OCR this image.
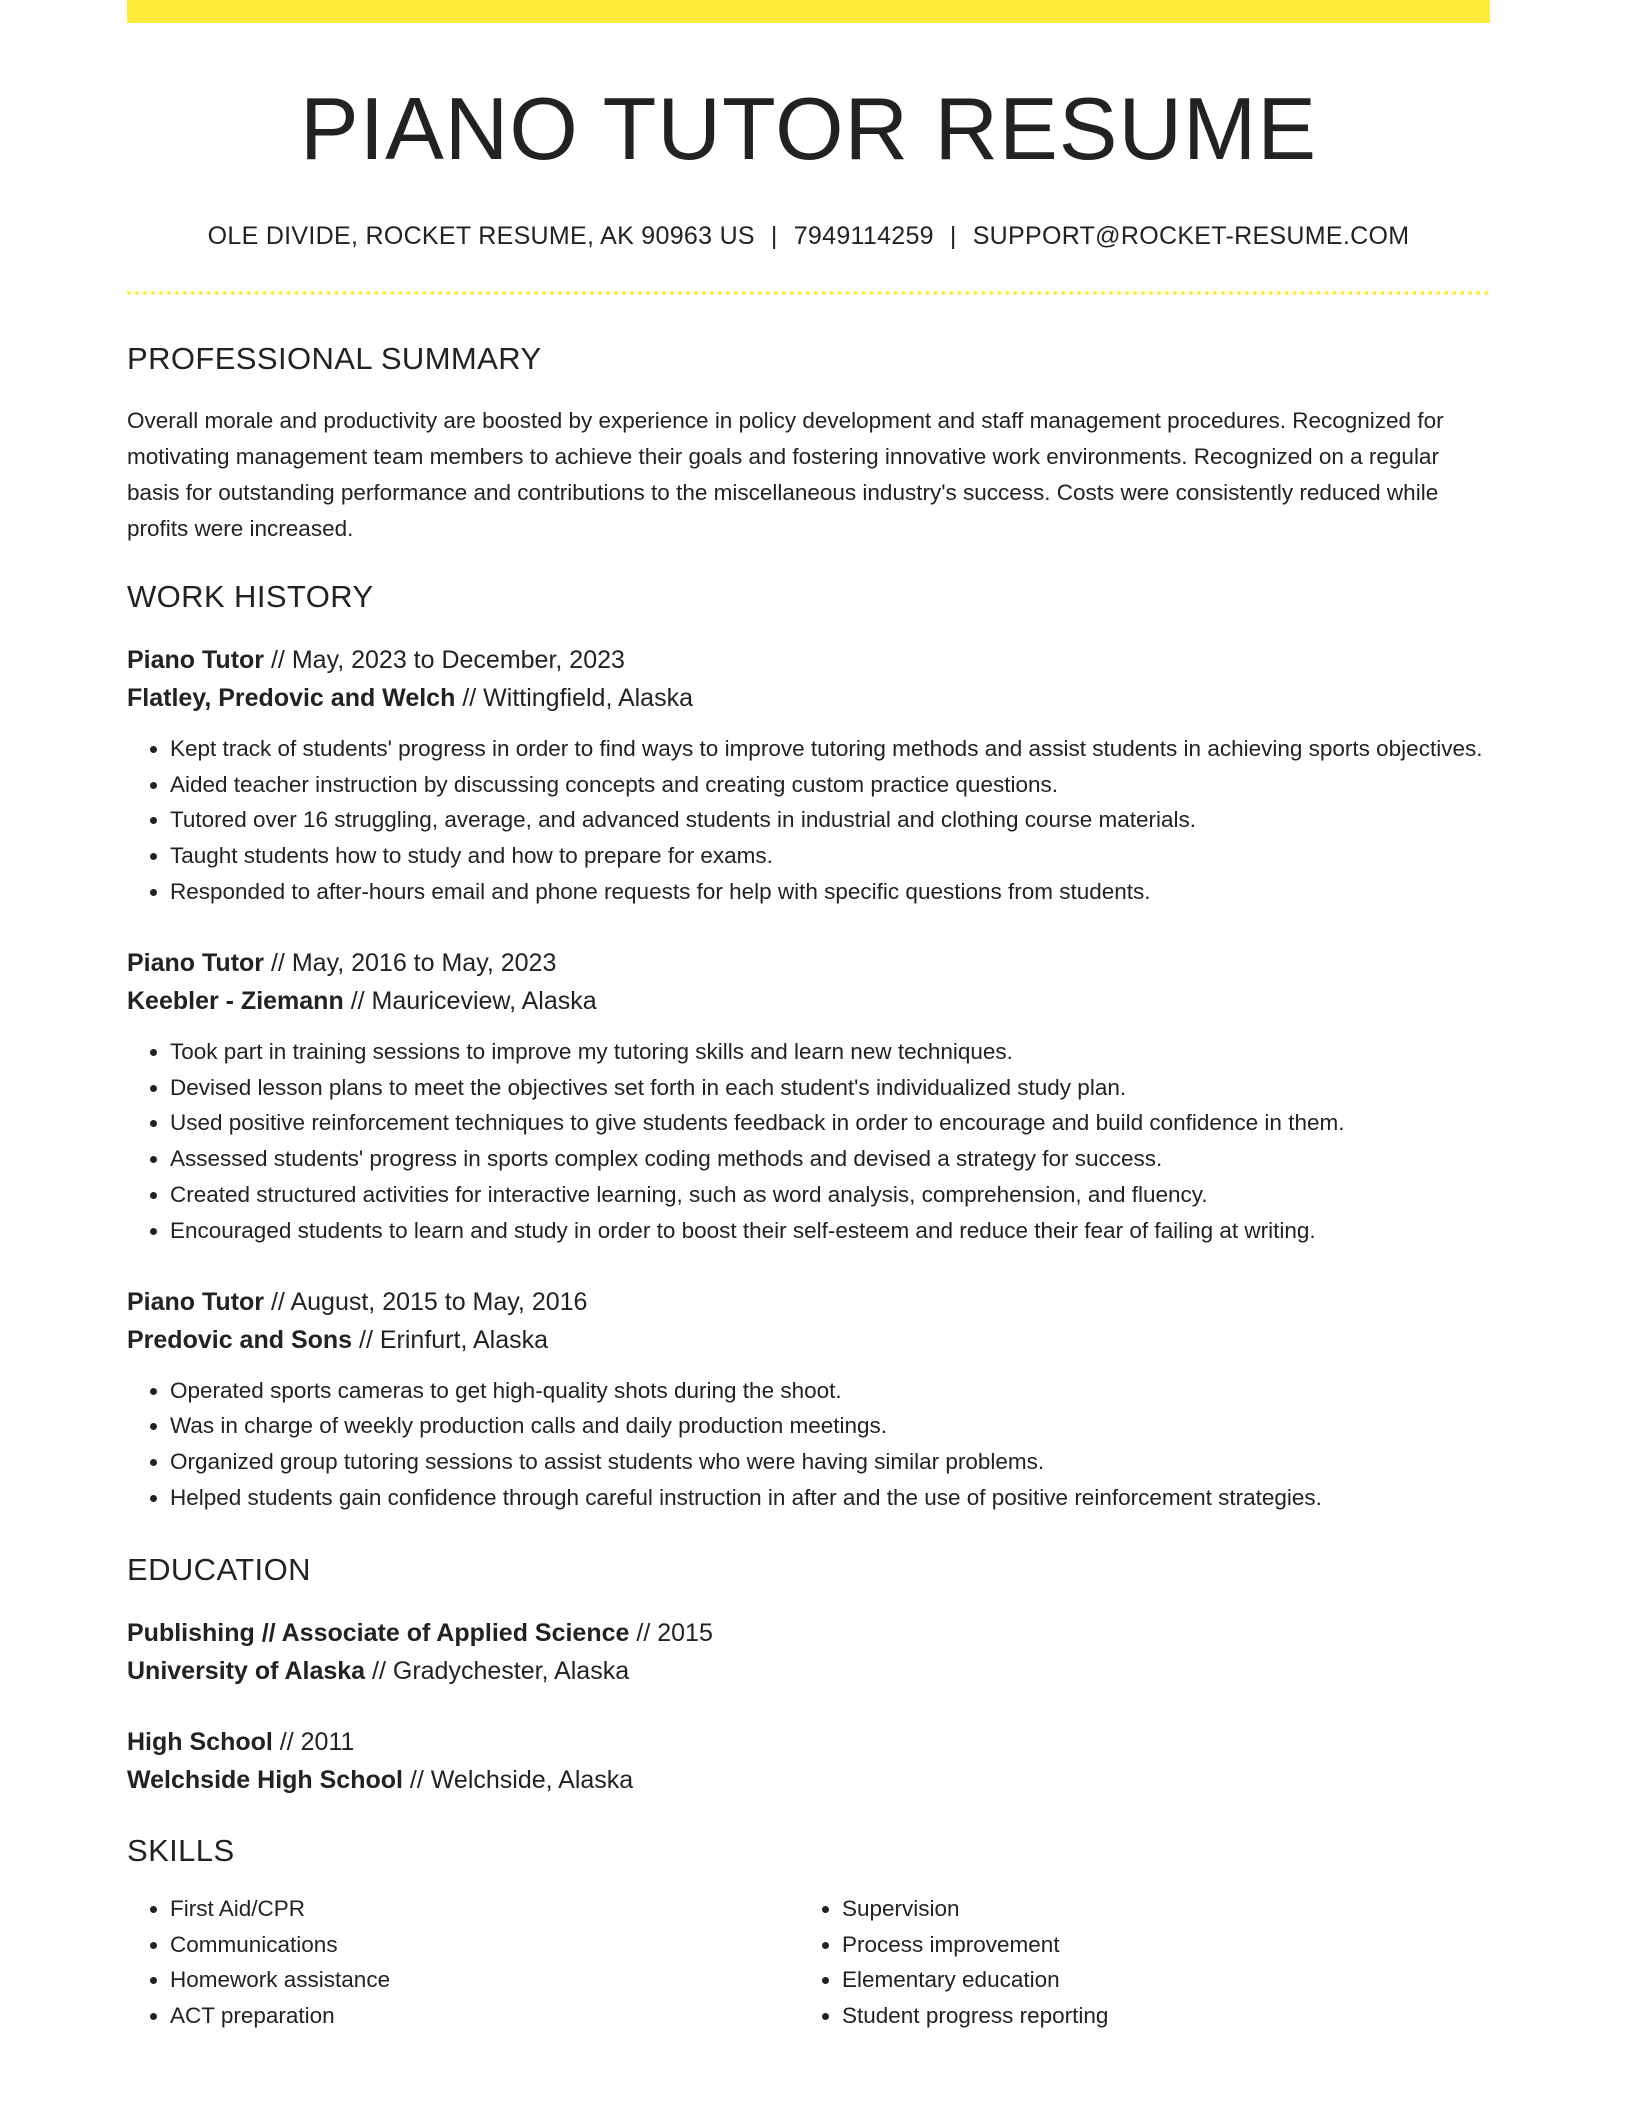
PIANO TUTOR RESUME
OLE DIVIDE, ROCKET RESUME, AK 90963 US | 7949114259 | SUPPORT@ROCKET-RESUME.COM
PROFESSIONAL SUMMARY

Overall morale and productivity are boosted by experience in policy development and staff management procedures. Recognized for motivating management team members to achieve their goals and fostering innovative work environments. Recognized on a regular basis for outstanding performance and contributions to the miscellaneous industry's success. Costs were consistently reduced while profits were increased.

WORK HISTORY
Piano Tutor // May, 2023 to December, 2023
Flatley, Predovic and Welch // Wittingfield, Alaska
• Kept track of students' progress in order to find ways to improve tutoring methods and assist students in achieving sports objectives.
• Aided teacher instruction by discussing concepts and creating custom practice questions.
• Tutored over 16 struggling, average, and advanced students in industrial and clothing course materials.
• Taught students how to study and how to prepare for exams.
• Responded to after-hours email and phone requests for help with specific questions from students.
Piano Tutor // May, 2016 to May, 2023
Keebler - Ziemann // Mauriceview, Alaska
• Took part in training sessions to improve my tutoring skills and learn new techniques.
• Devised lesson plans to meet the objectives set forth in each student's individualized study plan.
• Used positive reinforcement techniques to give students feedback in order to encourage and build confidence in them.
• Assessed students' progress in sports complex coding methods and devised a strategy for success.
• Created structured activities for interactive learning, such as word analysis, comprehension, and fluency.
• Encouraged students to learn and study in order to boost their self-esteem and reduce their fear of failing at writing.
Piano Tutor // August, 2015 to May, 2016
Predovic and Sons // Erinfurt, Alaska
• Operated sports cameras to get high-quality shots during the shoot.
• Was in charge of weekly production calls and daily production meetings.
• Organized group tutoring sessions to assist students who were having similar problems.
• Helped students gain confidence through careful instruction in after and the use of positive reinforcement strategies.
EDUCATION
Publishing // Associate of Applied Science // 2015
University of Alaska // Gradychester, Alaska
High School // 2011
Welchside High School // Welchside, Alaska
SKILLS
• First Aid/CPR
• Communications
• Homework assistance
• ACT preparation
• Supervision
• Process improvement
• Elementary education
• Student progress reporting
